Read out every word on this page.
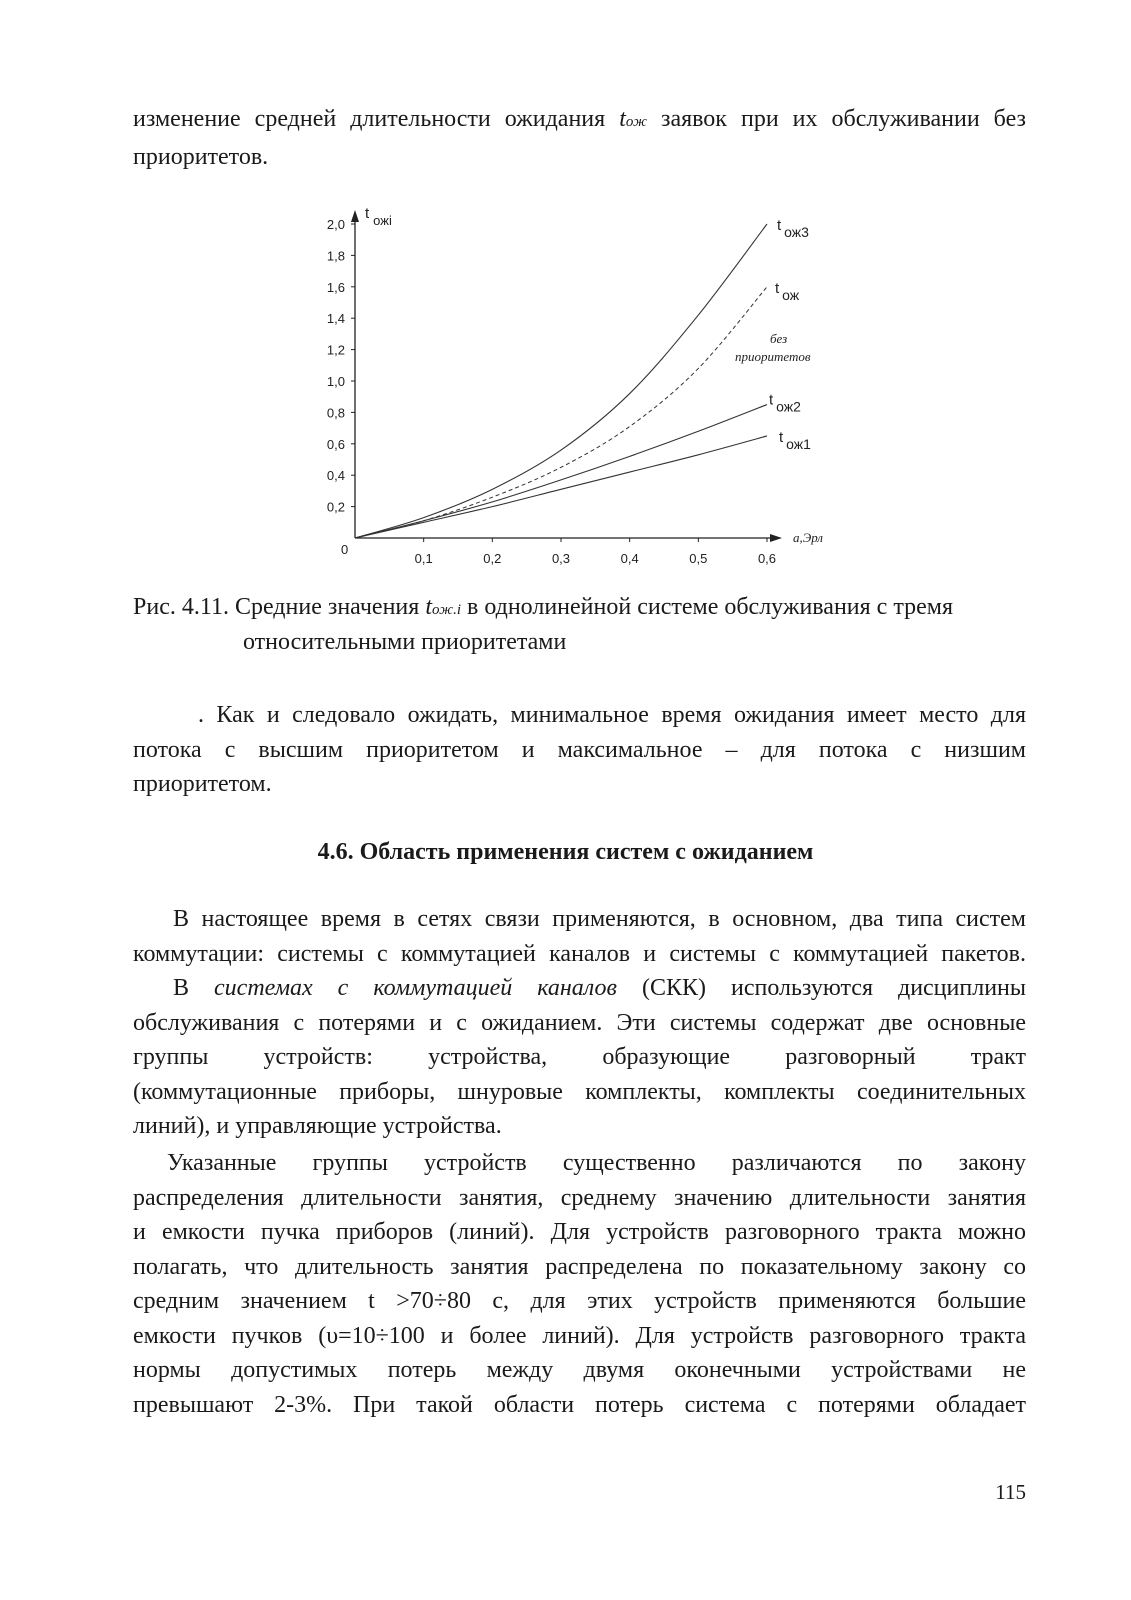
изменение средней длительности ожидания tож заявок при их обслуживании без
приоритетов.
0
0,2
0,4
0,6
0,8
1,0
1,2
1,4
1,6
1,8
2,0
0,1	0,2	0,3	0,4	0,5	0,6
t ожi
a,Эрл
t ож3
t ож
без
приоритетов
t ож2
t ож1
Рис. 4.11. Средние значения tож.i в однолинейной системе обслуживания с тремя
относительными приоритетами
. Как и следовало ожидать, минимальное время ожидания имеет место для
потока с высшим приоритетом и максимальное – для потока с низшим
приоритетом.
4.6. Область применения систем с ожиданием
В настоящее время в сетях связи применяются, в основном, два типа систем
коммутации: системы с коммутацией каналов и системы с коммутацией пакетов.
В системах с коммутацией каналов (СКК) используются дисциплины
обслуживания с потерями и с ожиданием. Эти системы содержат две основные
группы устройств: устройства, образующие разговорный тракт
(коммутационные приборы, шнуровые комплекты, комплекты соединительных
линий), и управляющие устройства.
Указанные группы устройств существенно различаются по закону
распределения длительности занятия, среднему значению длительности занятия
и емкости пучка приборов (линий). Для устройств разговорного тракта можно
полагать, что длительность занятия распределена по показательному закону со
средним значением t >70÷80 с, для этих устройств применяются большие
емкости пучков (υ=10÷100 и более линий). Для устройств разговорного тракта
нормы допустимых потерь между двумя оконечными устройствами не
превышают 2-3%. При такой области потерь система с потерями обладает
115
